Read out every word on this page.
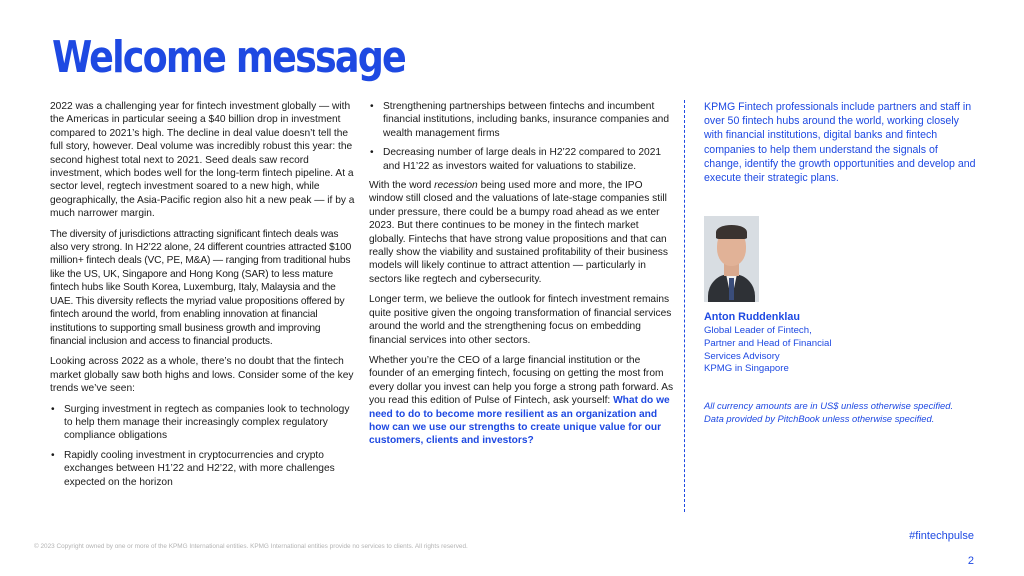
Welcome message

2022 was a challenging year for fintech investment globally — with the Americas in particular seeing a $40 billion drop in investment compared to 2021’s high. The decline in deal value doesn’t tell the full story, however. Deal volume was incredibly robust this year: the second highest total next to 2021. Seed deals saw record investment, which bodes well for the long-term fintech pipeline. At a sector level, regtech investment soared to a new high, while geographically, the Asia-Pacific region also hit a new peak — if by a much narrower margin.

The diversity of jurisdictions attracting significant fintech deals was also very strong. In H2’22 alone, 24 different countries attracted $100 million+ fintech deals (VC, PE, M&A) — ranging from traditional hubs like the US, UK, Singapore and Hong Kong (SAR) to less mature fintech hubs like South Korea, Luxemburg, Italy, Malaysia and the UAE. This diversity reflects the myriad value propositions offered by fintech around the world, from enabling innovation at financial institutions to supporting small business growth and improving financial inclusion and access to financial products.

Looking across 2022 as a whole, there’s no doubt that the fintech market globally saw both highs and lows. Consider some of the key trends we’ve seen:

• Surging investment in regtech as companies look to technology to help them manage their increasingly complex regulatory compliance obligations
• Rapidly cooling investment in cryptocurrencies and crypto exchanges between H1’22 and H2’22, with more challenges expected on the horizon
• Strengthening partnerships between fintechs and incumbent financial institutions, including banks, insurance companies and wealth management firms
• Decreasing number of large deals in H2’22 compared to 2021 and H1’22 as investors waited for valuations to stabilize.

With the word recession being used more and more, the IPO window still closed and the valuations of late-stage companies still under pressure, there could be a bumpy road ahead as we enter 2023. But there continues to be money in the fintech market globally. Fintechs that have strong value propositions and that can really show the viability and sustained profitability of their business models will likely continue to attract attention — particularly in sectors like regtech and cybersecurity.

Longer term, we believe the outlook for fintech investment remains quite positive given the ongoing transformation of financial services around the world and the strengthening focus on embedding financial services into other sectors.

Whether you’re the CEO of a large financial institution or the founder of an emerging fintech, focusing on getting the most from every dollar you invest can help you forge a strong path forward. As you read this edition of Pulse of Fintech, ask yourself: What do we need to do to become more resilient as an organization and how can we use our strengths to create unique value for our customers, clients and investors?

KPMG Fintech professionals include partners and staff in over 50 fintech hubs around the world, working closely with financial institutions, digital banks and fintech companies to help them understand the signals of change, identify the growth opportunities and develop and execute their strategic plans.

Anton Ruddenklau
Global Leader of Fintech,
Partner and Head of Financial
Services Advisory
KPMG in Singapore
All currency amounts are in US$ unless otherwise specified. Data provided by PitchBook unless otherwise specified.
#fintechpulse
2
© 2023 Copyright owned by one or more of the KPMG International entities. KPMG International entities provide no services to clients. All rights reserved.
